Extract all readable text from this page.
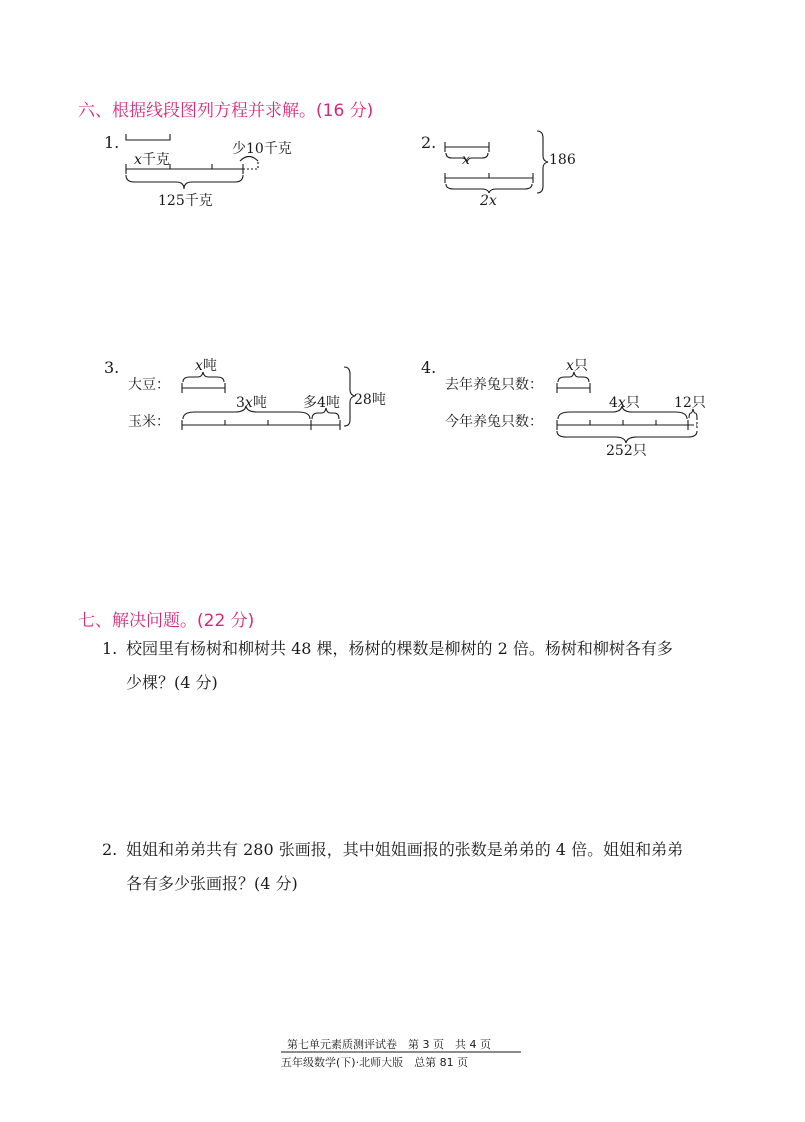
六、根据线段图列方程并求解。(16 分)
1.
x千克
少10千克
125千克
2.
x	186
2x
3.
大豆：
玉米：
x吨
3x吨	多4吨 28吨
4.
去年养兔只数：
今年养兔只数：
x只
4x只 12只
252只
七、解决问题。(22 分)
1. 校园里有杨树和柳树共 48 棵，杨树的棵数是柳树的 2 倍。杨树和柳树各有多
少棵？(4 分)
2. 姐姐和弟弟共有 280 张画报，其中姐姐画报的张数是弟弟的 4 倍。姐姐和弟弟
各有多少张画报？(4 分)
第七单元素质测评试卷　第 3 页　共 4 页
五年级数学(下)·北师大版　总第 81 页
